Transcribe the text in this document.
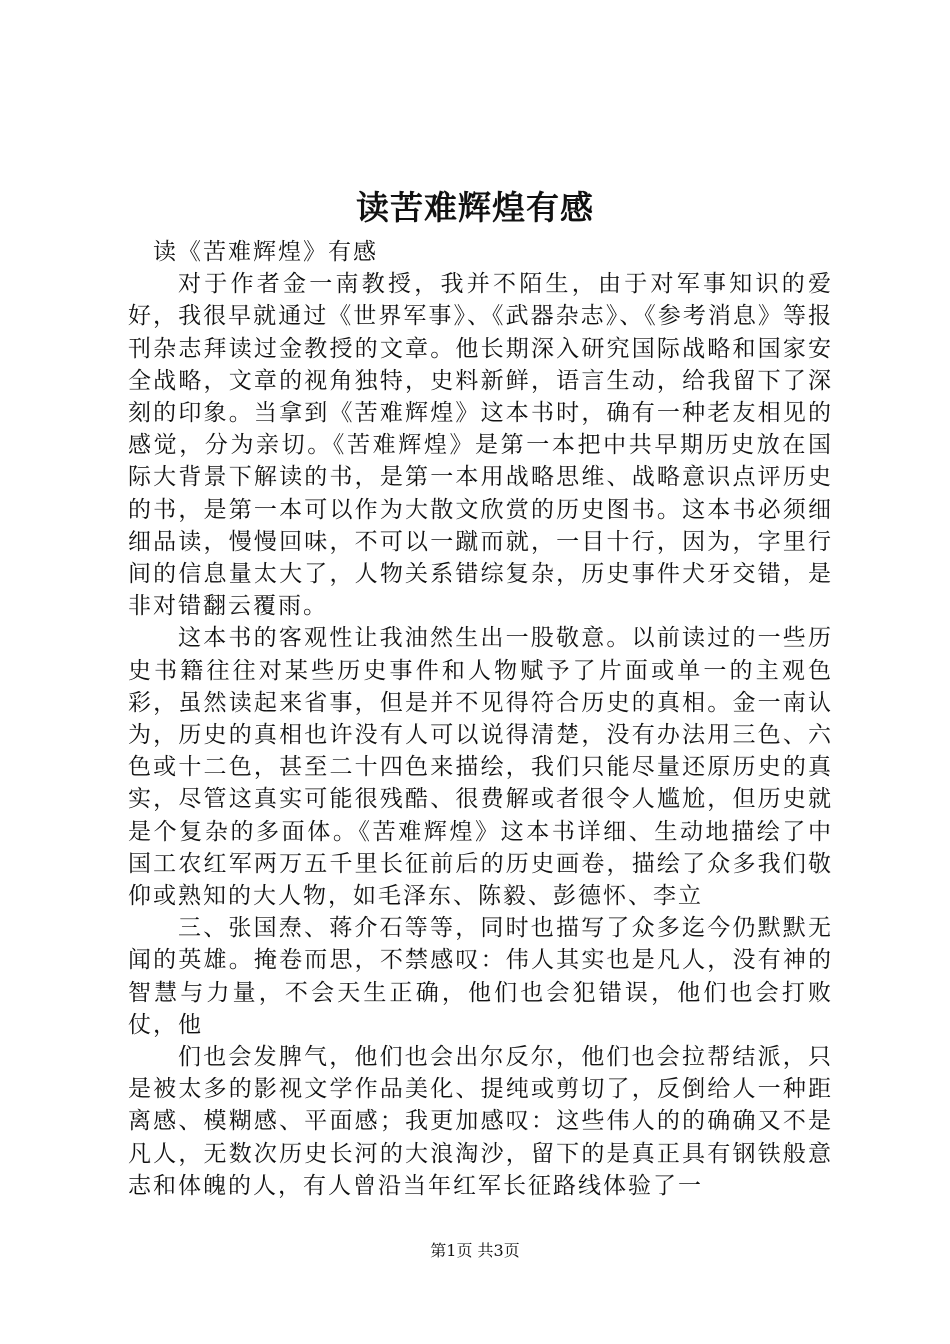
读苦难辉煌有感

读《苦难辉煌》有感

对于作者金一南教授，我并不陌生，由于对军事知识的爱好，我很早就通过《世界军事》、《武器杂志》、《参考消息》等报刊杂志拜读过金教授的文章。他长期深入研究国际战略和国家安全战略，文章的视角独特，史料新鲜，语言生动，给我留下了深刻的印象。当拿到《苦难辉煌》这本书时，确有一种老友相见的感觉，分为亲切。《苦难辉煌》是第一本把中共早期历史放在国际大背景下解读的书，是第一本用战略思维、战略意识点评历史的书，是第一本可以作为大散文欣赏的历史图书。这本书必须细细品读，慢慢回味，不可以一蹴而就，一目十行，因为，字里行间的信息量太大了，人物关系错综复杂，历史事件犬牙交错，是非对错翻云覆雨。

这本书的客观性让我油然生出一股敬意。以前读过的一些历史书籍往往对某些历史事件和人物赋予了片面或单一的主观色彩，虽然读起来省事，但是并不见得符合历史的真相。金一南认为，历史的真相也许没有人可以说得清楚，没有办法用三色、六色或十二色，甚至二十四色来描绘，我们只能尽量还原历史的真实，尽管这真实可能很残酷、很费解或者很令人尴尬，但历史就是个复杂的多面体。《苦难辉煌》这本书详细、生动地描绘了中国工农红军两万五千里长征前后的历史画卷，描绘了众多我们敬仰或熟知的大人物，如毛泽东、陈毅、彭德怀、李立

三、张国焘、蒋介石等等，同时也描写了众多迄今仍默默无闻的英雄。掩卷而思，不禁感叹：伟人其实也是凡人，没有神的智慧与力量，不会天生正确，他们也会犯错误，他们也会打败仗，他

们也会发脾气，他们也会出尔反尔，他们也会拉帮结派，只是被太多的影视文学作品美化、提纯或剪切了，反倒给人一种距离感、模糊感、平面感；我更加感叹：这些伟人的的确确又不是凡人，无数次历史长河的大浪淘沙，留下的是真正具有钢铁般意志和体魄的人，有人曾沿当年红军长征路线体验了一

第1页 共3页
